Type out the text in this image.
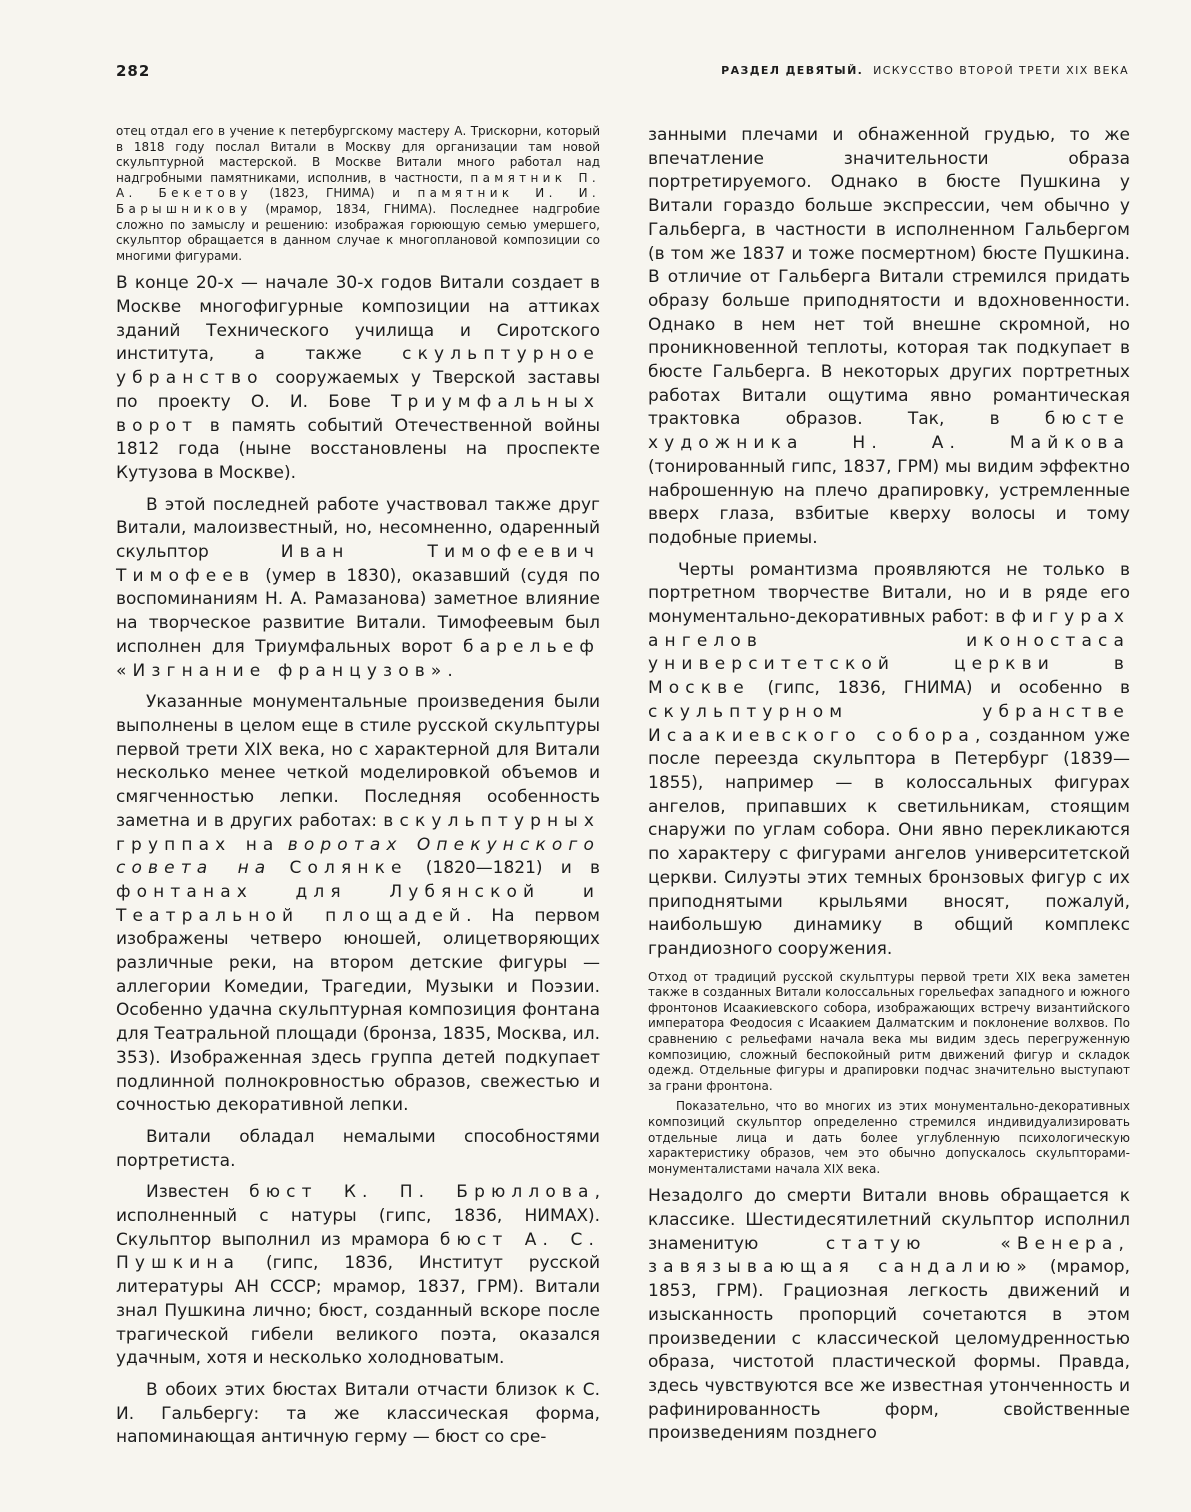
282	РАЗДЕЛ ДЕВЯТЫЙ. ИСКУССТВО ВТОРОЙ ТРЕТИ XIX ВЕКА

отец отдал его в учение к петербургскому мастеру А. Трискорни, который в 1818 году послал Витали в Москву для организации там новой скульптурной мастерской. В Москве Витали много работал над надгробными памятниками, исполнив, в частности, памятник П. А. Бекетову (1823, ГНИМА) и памятник И. И. Барышникову (мрамор, 1834, ГНИМА). Последнее надгробие сложно по замыслу и решению: изображая горюющую семью умершего, скульптор обращается в данном случае к многоплановой композиции со многими фигурами.

В конце 20-х — начале 30-х годов Витали создает в Москве многофигурные композиции на аттиках зданий Технического училища и Сиротского института, а также скульптурное убранство сооружаемых у Тверской заставы по проекту О. И. Бове Триумфальных ворот в память событий Отечественной войны 1812 года (ныне восстановлены на проспекте Кутузова в Москве).

В этой последней работе участвовал также друг Витали, малоизвестный, но, несомненно, одаренный скульптор Иван Тимофеевич Тимофеев (умер в 1830), оказавший (судя по воспоминаниям Н. А. Рамазанова) заметное влияние на творческое развитие Витали. Тимофеевым был исполнен для Триумфальных ворот барельеф «Изгнание французов».

Указанные монументальные произведения были выполнены в целом еще в стиле русской скульптуры первой трети XIX века, но с характерной для Витали несколько менее четкой моделировкой объемов и смягченностью лепки. Последняя особенность заметна и в других работах: в скульптурных группах на воротах Опекунского совета на Солянке (1820—1821) и в фонтанах для Лубянской и Театральной площадей. На первом изображены четверо юношей, олицетворяющих различные реки, на втором детские фигуры — аллегории Комедии, Трагедии, Музыки и Поэзии. Особенно удачна скульптурная композиция фонтана для Театральной площади (бронза, 1835, Москва, ил. 353). Изображенная здесь группа детей подкупает подлинной полнокровностью образов, свежестью и сочностью декоративной лепки.

Витали обладал немалыми способностями портретиста.

Известен бюст К. П. Брюллова, исполненный с натуры (гипс, 1836, НИМАХ). Скульптор выполнил из мрамора бюст А. С. Пушкина (гипс, 1836, Институт русской литературы АН СССР; мрамор, 1837, ГРМ). Витали знал Пушкина лично; бюст, созданный вскоре после трагической гибели великого поэта, оказался удачным, хотя и несколько холодноватым.

В обоих этих бюстах Витали отчасти близок к С. И. Гальбергу: та же классическая форма, напоминающая античную герму — бюст со сре-

занными плечами и обнаженной грудью, то же впечатление значительности образа портретируемого. Однако в бюсте Пушкина у Витали гораздо больше экспрессии, чем обычно у Гальберга, в частности в исполненном Гальбергом (в том же 1837 и тоже посмертном) бюсте Пушкина. В отличие от Гальберга Витали стремился придать образу больше приподнятости и вдохновенности. Однако в нем нет той внешне скромной, но проникновенной теплоты, которая так подкупает в бюсте Гальберга. В некоторых других портретных работах Витали ощутима явно романтическая трактовка образов. Так, в бюсте художника Н. А. Майкова (тонированный гипс, 1837, ГРМ) мы видим эффектно наброшенную на плечо драпировку, устремленные вверх глаза, взбитые кверху волосы и тому подобные приемы.

Черты романтизма проявляются не только в портретном творчестве Витали, но и в ряде его монументально-декоративных работ: в фигурах ангелов иконостаса университетской церкви в Москве (гипс, 1836, ГНИМА) и особенно в скульптурном убранстве Исаакиевского собора, созданном уже после переезда скульптора в Петербург (1839—1855), например — в колоссальных фигурах ангелов, припавших к светильникам, стоящим снаружи по углам собора. Они явно перекликаются по характеру с фигурами ангелов университетской церкви. Силуэты этих темных бронзовых фигур с их приподнятыми крыльями вносят, пожалуй, наибольшую динамику в общий комплекс грандиозного сооружения.

Отход от традиций русской скульптуры первой трети XIX века заметен также в созданных Витали колоссальных горельефах западного и южного фронтонов Исаакиевского собора, изображающих встречу византийского императора Феодосия с Исаакием Далматским и поклонение волхвов. По сравнению с рельефами начала века мы видим здесь перегруженную композицию, сложный беспокойный ритм движений фигур и складок одежд. Отдельные фигуры и драпировки подчас значительно выступают за грани фронтона.

Показательно, что во многих из этих монументально-декоративных композиций скульптор определенно стремился индивидуализировать отдельные лица и дать более углубленную психологическую характеристику образов, чем это обычно допускалось скульпторами-монументалистами начала XIX века.

Незадолго до смерти Витали вновь обращается к классике. Шестидесятилетний скульптор исполнил знаменитую статую «Венера, завязывающая сандалию» (мрамор, 1853, ГРМ). Грациозная легкость движений и изысканность пропорций сочетаются в этом произведении с классической целомудренностью образа, чистотой пластической формы. Правда, здесь чувствуются все же известная утонченность и рафинированность форм, свойственные произведениям позднего
